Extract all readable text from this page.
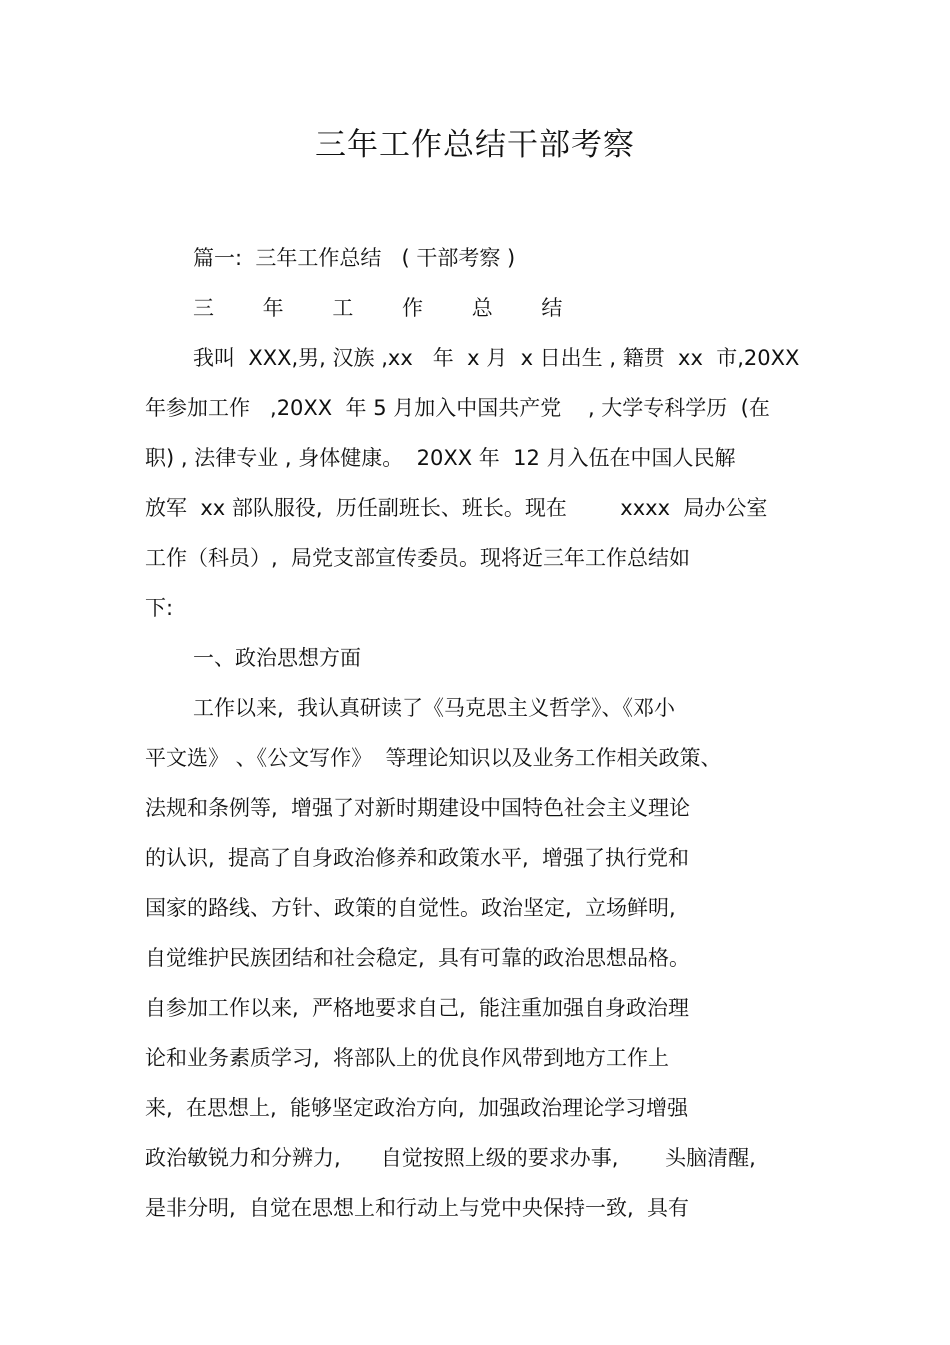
三年工作总结干部考察
篇一:  三年工作总结   ( 干部考察 )
三 年 工 作 总 结
我叫  XXX,男, 汉族 ,xx   年  x 月  x 日出生 , 籍贯  xx  市,20XX
年参加工作   ,20XX  年 5 月加入中国共产党    , 大学专科学历  (在
职) , 法律专业 , 身体健康。  20XX 年  12 月入伍在中国人民解
放军  xx 部队服役,  历任副班长、班长。现在        xxxx  局办公室
工作（科员）,  局党支部宣传委员。现将近三年工作总结如
下:
一、政治思想方面
工作以来,  我认真研读了《马克思主义哲学》、《邓小
平文选》 、《公文写作》  等理论知识以及业务工作相关政策、
法规和条例等,  增强了对新时期建设中国特色社会主义理论
的认识,  提高了自身政治修养和政策水平,  增强了执行党和
国家的路线、方针、政策的自觉性。政治坚定,  立场鲜明,
自觉维护民族团结和社会稳定,  具有可靠的政治思想品格。
自参加工作以来,  严格地要求自己,  能注重加强自身政治理
论和业务素质学习,  将部队上的优良作风带到地方工作上
来,  在思想上,  能够坚定政治方向,  加强政治理论学习增强
政治敏锐力和分辨力,      自觉按照上级的要求办事,       头脑清醒,
是非分明,  自觉在思想上和行动上与党中央保持一致,  具有
